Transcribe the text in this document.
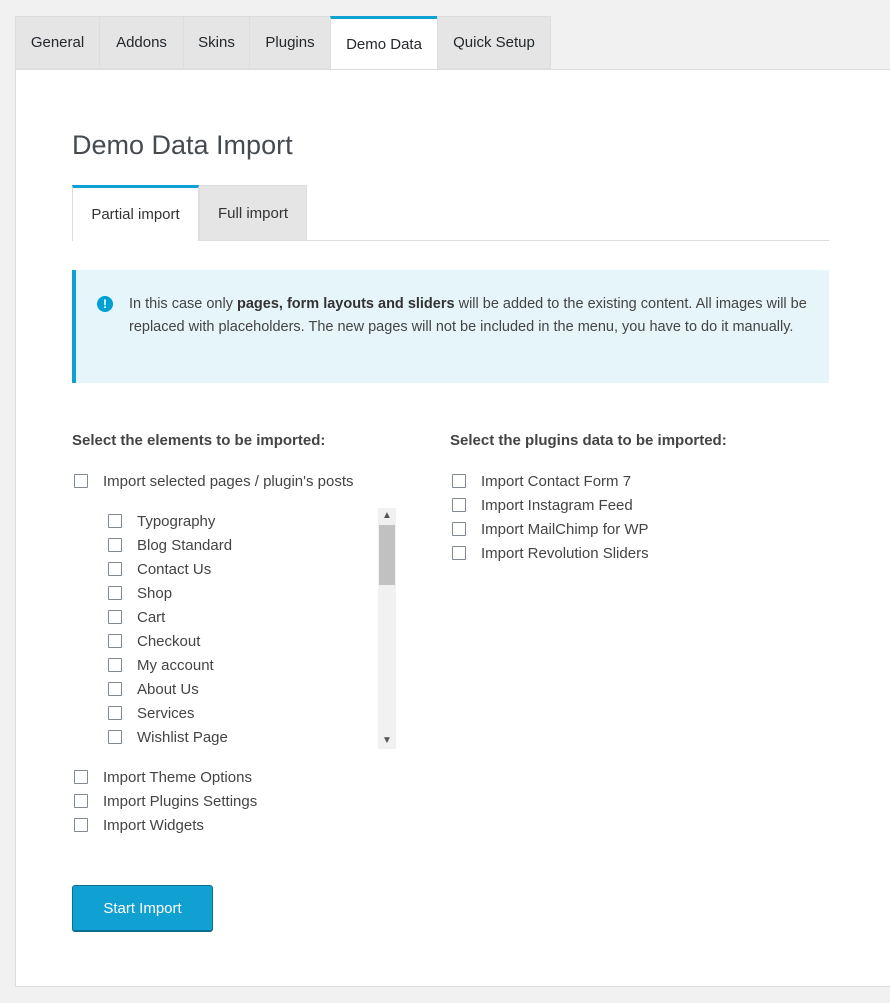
General	Addons	Skins	Plugins	Demo Data	Quick Setup
Demo Data Import
Partial import	Full import
!	In this case only pages, form layouts and sliders will be added to the existing content. All images will be replaced with placeholders. The new pages will not be included in the menu, you have to do it manually.

Select the elements to be imported:
Import selected pages / plugin's posts
Typography
Blog Standard
Contact Us
Shop
Cart
Checkout
My account
About Us
Services
Wishlist Page
▲
▼
Import Theme Options
Import Plugins Settings
Import Widgets
Select the plugins data to be imported:
Import Contact Form 7
Import Instagram Feed
Import MailChimp for WP
Import Revolution Sliders
Start Import
